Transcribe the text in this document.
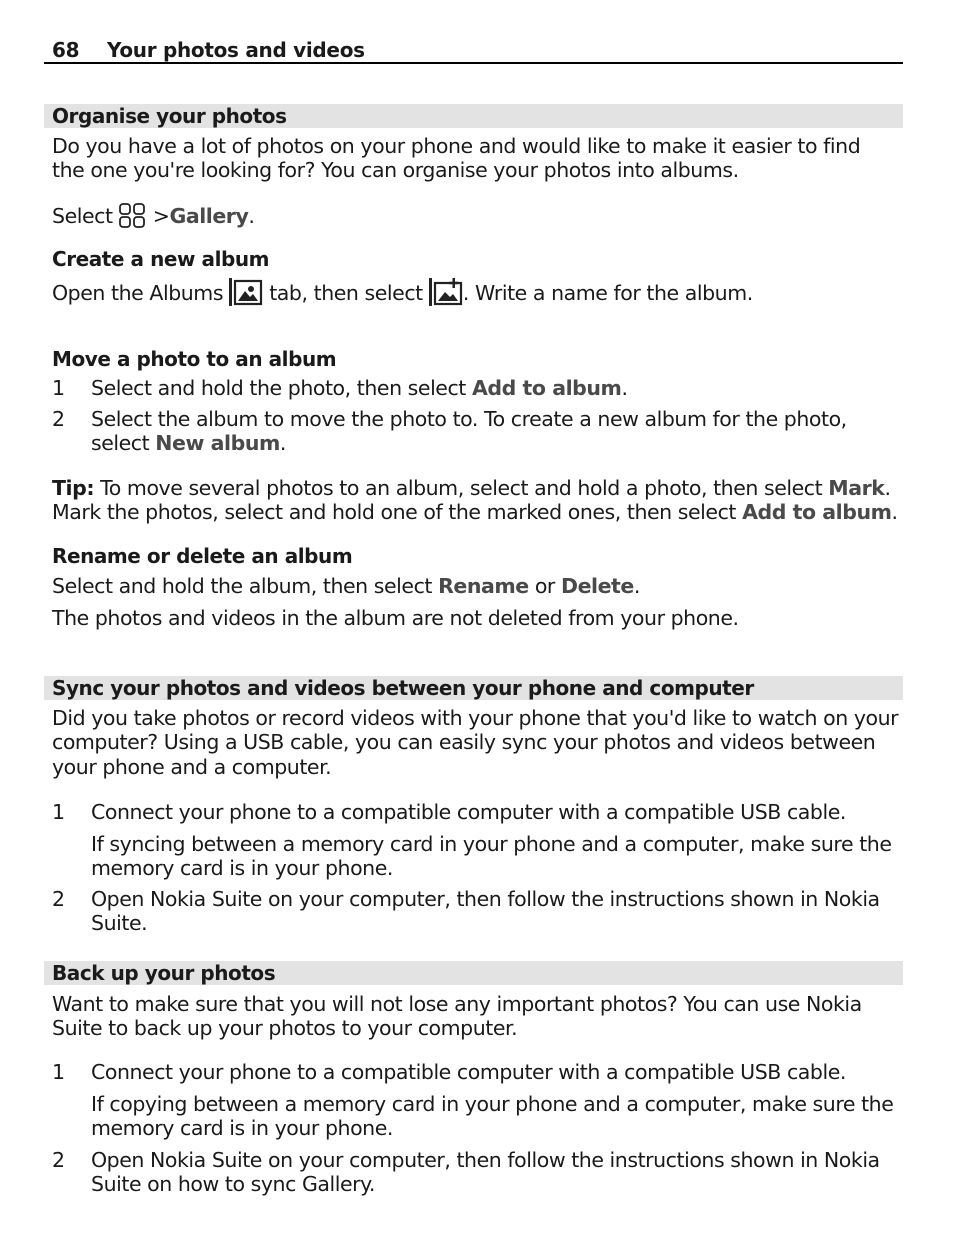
68 Your photos and videos
Organise your photos
Do you have a lot of photos on your phone and would like to make it easier to find
the one you're looking for? You can organise your photos into albums.
Select >Gallery.
Create a new album
Open the Albums tab, then select . Write a name for the album.
Move a photo to an album
1 Select and hold the photo, then select Add to album.
2 Select the album to move the photo to. To create a new album for the photo,
select New album.
Tip: To move several photos to an album, select and hold a photo, then select Mark.
Mark the photos, select and hold one of the marked ones, then select Add to album.
Rename or delete an album
Select and hold the album, then select Rename or Delete.
The photos and videos in the album are not deleted from your phone.
Sync your photos and videos between your phone and computer
Did you take photos or record videos with your phone that you'd like to watch on your
computer? Using a USB cable, you can easily sync your photos and videos between
your phone and a computer.
1 Connect your phone to a compatible computer with a compatible USB cable.
If syncing between a memory card in your phone and a computer, make sure the
memory card is in your phone.
2 Open Nokia Suite on your computer, then follow the instructions shown in Nokia
Suite.
Back up your photos
Want to make sure that you will not lose any important photos? You can use Nokia
Suite to back up your photos to your computer.
1 Connect your phone to a compatible computer with a compatible USB cable.
If copying between a memory card in your phone and a computer, make sure the
memory card is in your phone.
2 Open Nokia Suite on your computer, then follow the instructions shown in Nokia
Suite on how to sync Gallery.
